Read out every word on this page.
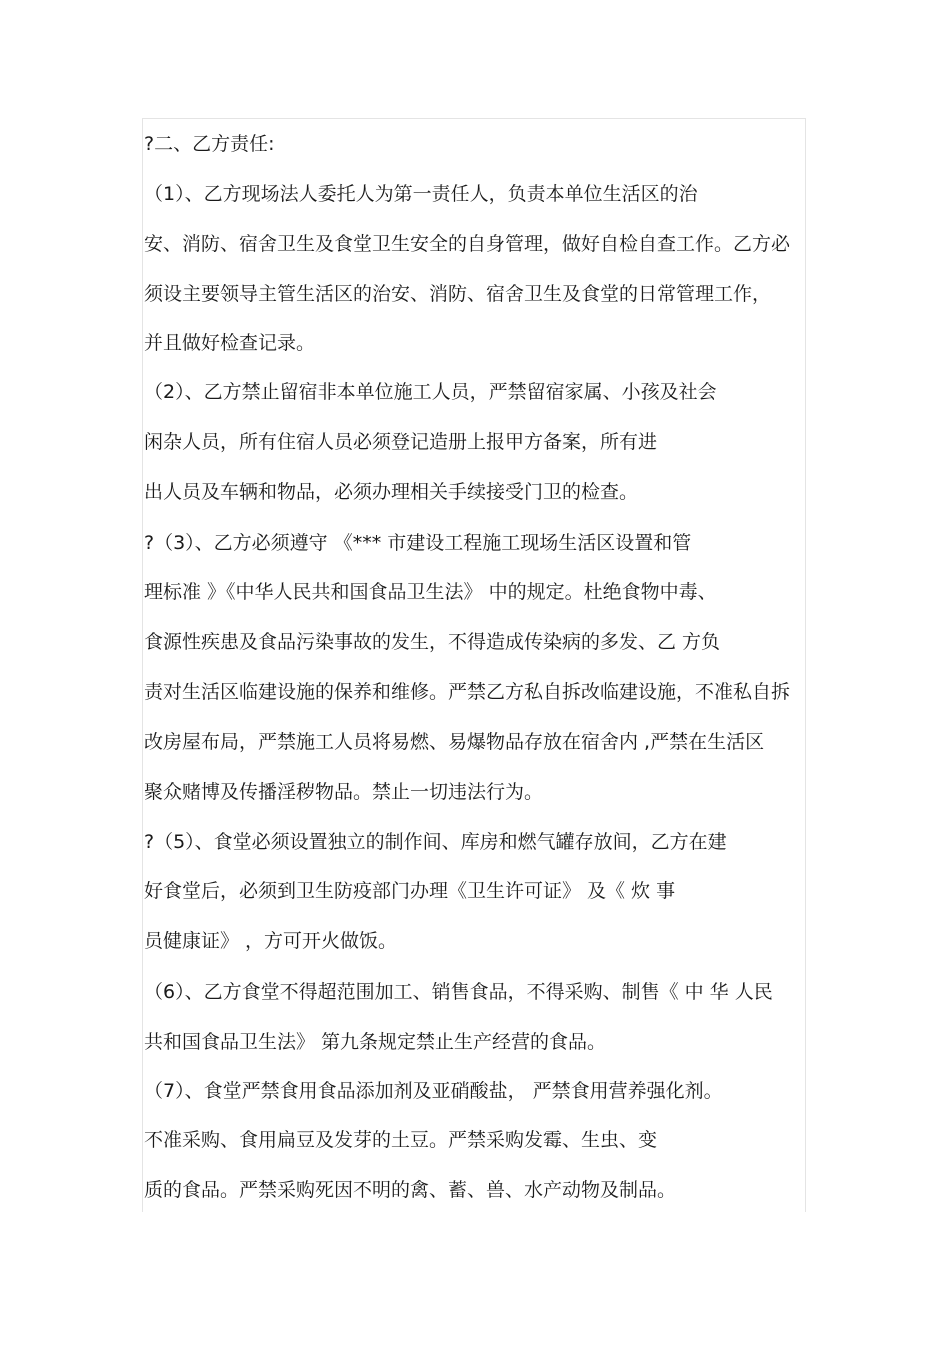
?二、乙方责任:
（1）、乙方现场法人委托人为第一责任人，负责本单位生活区的治
安、消防、宿舍卫生及食堂卫生安全的自身管理，做好自检自查工作。乙方必
须设主要领导主管生活区的治安、消防、宿舍卫生及食堂的日常管理工作，
并且做好检查记录。
（2）、乙方禁止留宿非本单位施工人员，严禁留宿家属、小孩及社会
闲杂人员，所有住宿人员必须登记造册上报甲方备案，所有进
出人员及车辆和物品，必须办理相关手续接受门卫的检查。
?（3）、乙方必须遵守 《*** 市建设工程施工现场生活区设置和管
理标准 》《中华人民共和国食品卫生法》 中的规定。杜绝食物中毒、
食源性疾患及食品污染事故的发生，不得造成传染病的多发、乙 方负
责对生活区临建设施的保养和维修。严禁乙方私自拆改临建设施，不准私自拆
改房屋布局，严禁施工人员将易燃、易爆物品存放在宿舍内 ,严禁在生活区
聚众赌博及传播淫秽物品。禁止一切违法行为。
?（5）、食堂必须设置独立的制作间、库房和燃气罐存放间，乙方在建
好食堂后，必须到卫生防疫部门办理《卫生许可证》 及《 炊 事
员健康证》 ，方可开火做饭。
（6）、乙方食堂不得超范围加工、销售食品，不得采购、制售《 中 华 人民
共和国食品卫生法》 第九条规定禁止生产经营的食品。
（7）、食堂严禁食用食品添加剂及亚硝酸盐， 严禁食用营养强化剂。
不准采购、食用扁豆及发芽的土豆。严禁采购发霉、生虫、变
质的食品。严禁采购死因不明的禽、蓄、兽、水产动物及制品。
